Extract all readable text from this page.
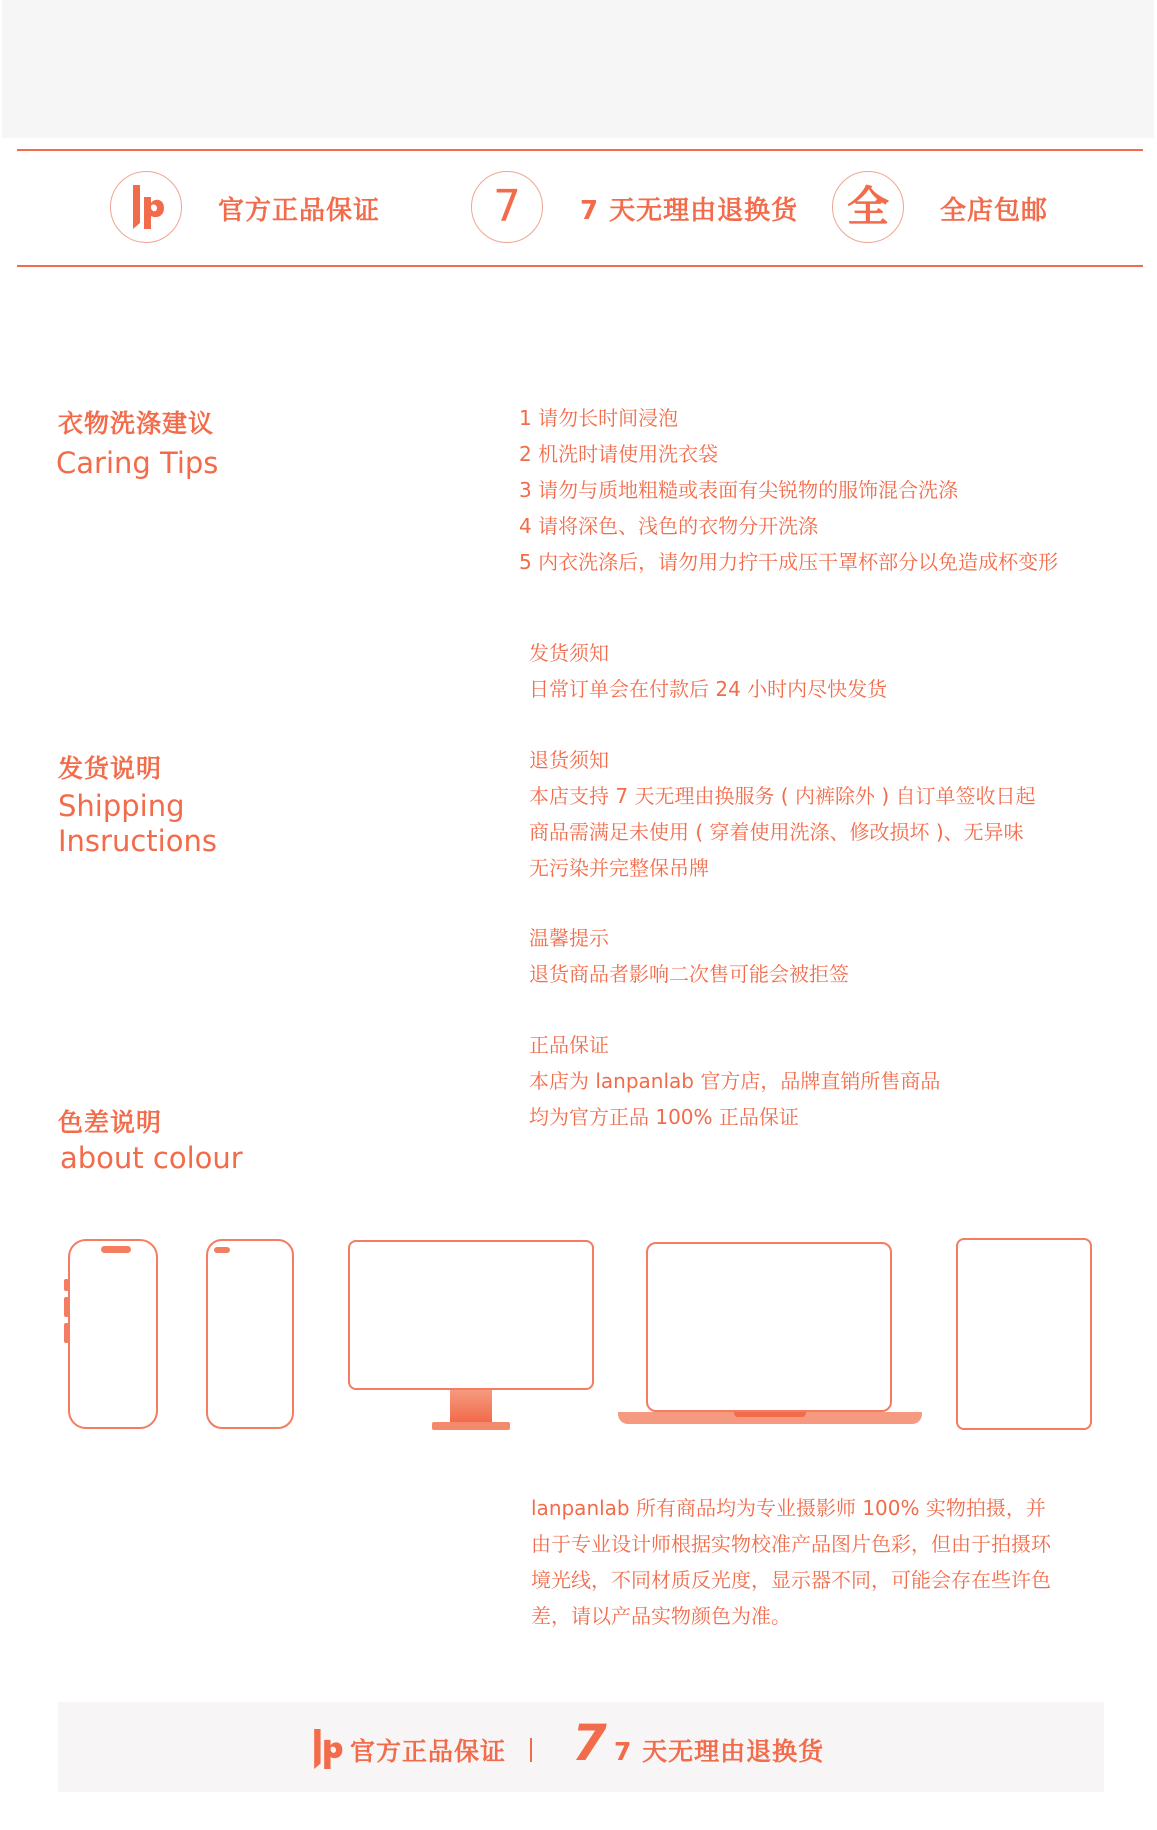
官方正品保证	7 7 天无理由退换货 全 全店包邮
衣物洗涤建议
Caring Tips
1 请勿长时间浸泡
2 机洗时请使用洗衣袋
3 请勿与质地粗糙或表面有尖锐物的服饰混合洗涤
4 请将深色、浅色的衣物分开洗涤
5 内衣洗涤后，请勿用力拧干成压干罩杯部分以免造成杯变形
发货说明
Shipping
Insructions
发货须知
日常订单会在付款后 24 小时内尽快发货
退货须知
本店支持 7 天无理由换服务 ( 内裤除外 ) 自订单签收日起
商品需满足未使用 ( 穿着使用洗涤、修改损坏 )、无异味
无污染并完整保吊牌
温馨提示
退货商品者影响二次售可能会被拒签
正品保证
本店为 lanpanlab 官方店，品牌直销所售商品
均为官方正品 100% 正品保证
色差说明
about colour
lanpanlab 所有商品均为专业摄影师 100% 实物拍摄，并
由于专业设计师根据实物校准产品图片色彩，但由于拍摄环
境光线，不同材质反光度，显示器不同，可能会存在些许色
差，请以产品实物颜色为准。
官方正品保证 7 7 天无理由退换货
